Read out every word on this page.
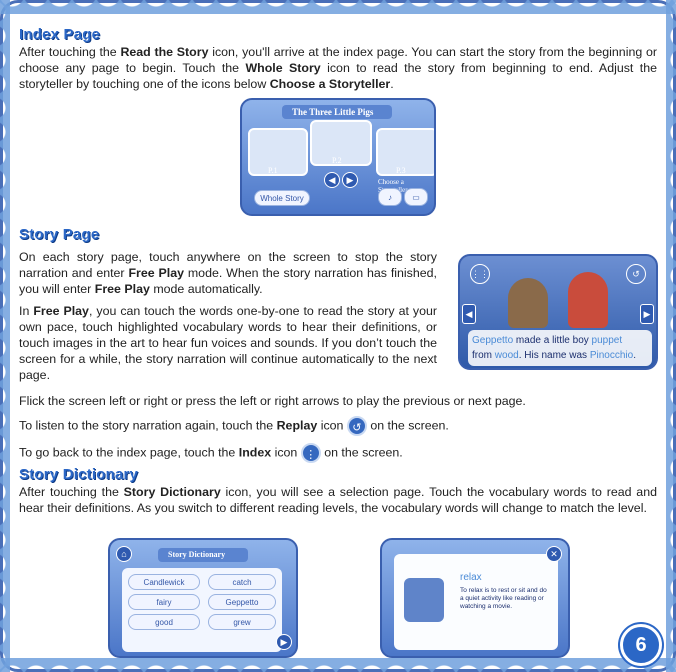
Index Page

After touching the Read the Story icon, you'll arrive at the index page. You can start the story from the beginning or choose any page to begin. Touch the Whole Story icon to read the story from beginning to end. Adjust the storyteller by touching one of the icons below Choose a Storyteller.

The Three Little Pigs
P.1
P.2
P.3
◀	▶
Whole Story
Choose a
♪	▭
Story Page

On each story page, touch anywhere on the screen to stop the story narration and enter Free Play mode. When the story narration has finished, you will enter Free Play mode automatically.

In Free Play, you can touch the words one-by-one to read the story at your own pace, touch highlighted vocabulary words to hear their definitions, or touch images in the art to hear fun voices and sounds. If you don’t touch the screen for a while, the story narration will continue automatically to the next page.

⋮⋮	↺
Geppetto made a little boy puppet
from wood. His name was Pinocchio.
◀	▶

Flick the screen left or right or press the left or right arrows to play the previous or next page.

To listen to the story narration again, touch the Replay icon ↺ on the screen.

To go back to the index page, touch the Index icon ⋮ on the screen.

Story Dictionary

After touching the Story Dictionary icon, you will see a selection page. Touch the vocabulary words to read and hear their definitions. As you switch to different reading levels, the vocabulary words will change to match the level.

⌂	Story Dictionary
Candlewick	catch
fairy	Geppetto
good	grew
▶
✕
relax
To relax is to rest or sit and do a quiet activity like reading or watching a movie.
6
